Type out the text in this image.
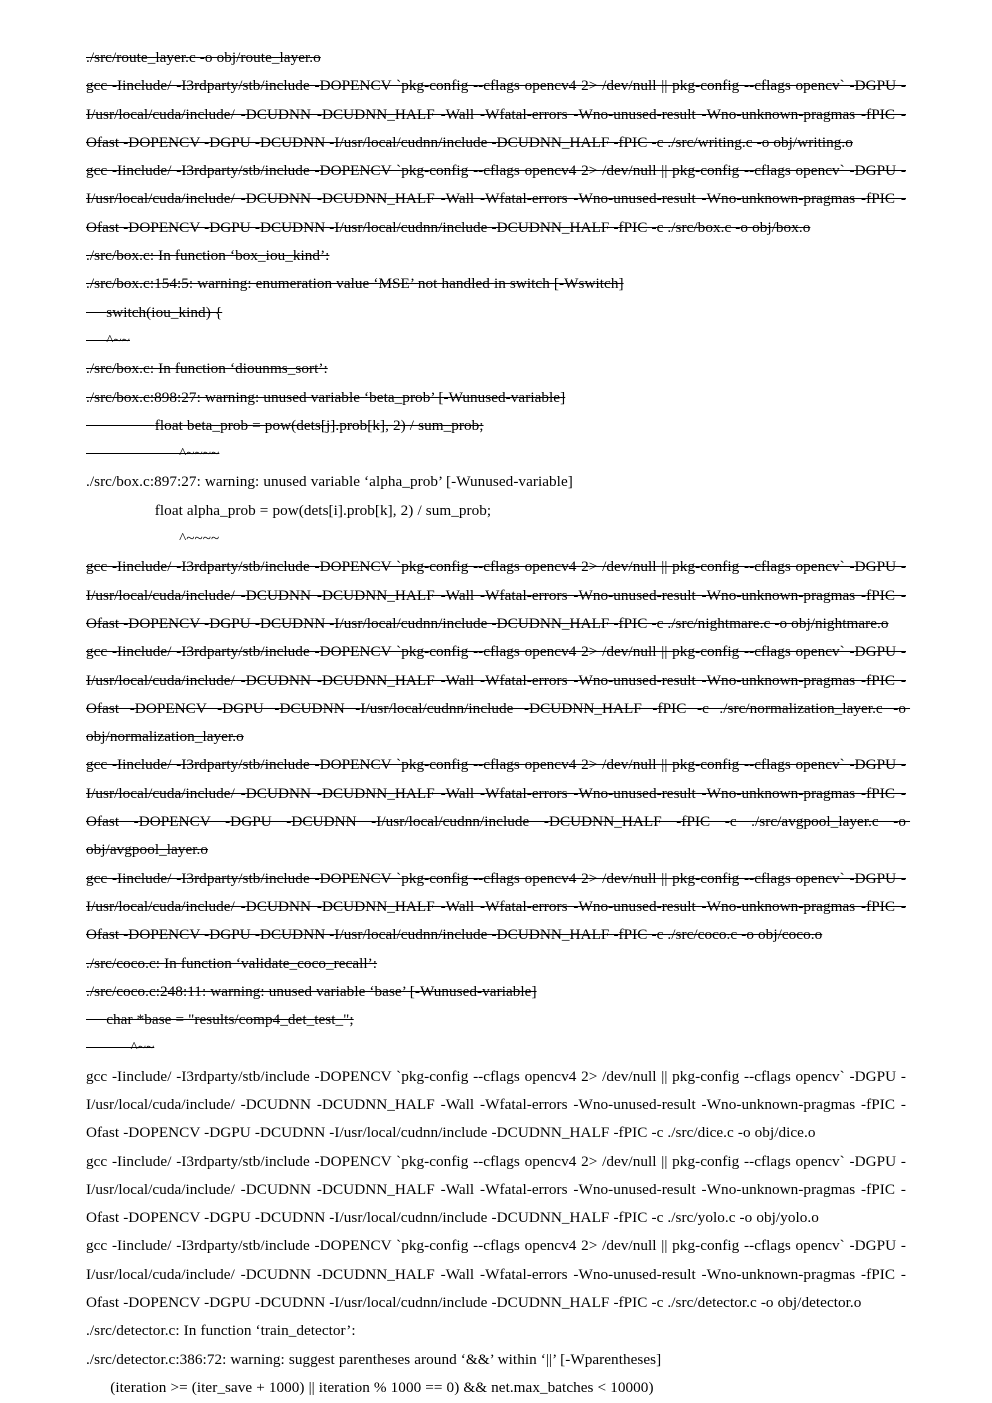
./src/route_layer.c -o obj/route_layer.o

gcc -Iinclude/ -I3rdparty/stb/include -DOPENCV `pkg-config --cflags opencv4 2> /dev/null || pkg-config --cflags opencv` -DGPU -I/usr/local/cuda/include/ -DCUDNN -DCUDNN_HALF -Wall -Wfatal-errors -Wno-unused-result -Wno-unknown-pragmas -fPIC -Ofast -DOPENCV -DGPU -DCUDNN -I/usr/local/cudnn/include -DCUDNN_HALF -fPIC -c ./src/writing.c -o obj/writing.o

gcc -Iinclude/ -I3rdparty/stb/include -DOPENCV `pkg-config --cflags opencv4 2> /dev/null || pkg-config --cflags opencv` -DGPU -I/usr/local/cuda/include/ -DCUDNN -DCUDNN_HALF -Wall -Wfatal-errors -Wno-unused-result -Wno-unknown-pragmas -fPIC -Ofast -DOPENCV -DGPU -DCUDNN -I/usr/local/cudnn/include -DCUDNN_HALF -fPIC -c ./src/box.c -o obj/box.o

./src/box.c: In function ‘box_iou_kind’:

./src/box.c:154:5: warning: enumeration value ‘MSE’ not handled in switch [-Wswitch]

switch(iou_kind) {

^~~

./src/box.c: In function ‘diounms_sort’:

./src/box.c:898:27: warning: unused variable ‘beta_prob’ [-Wunused-variable]

float beta_prob = pow(dets[j].prob[k], 2) / sum_prob;

^~~~~

./src/box.c:897:27: warning: unused variable ‘alpha_prob’ [-Wunused-variable]

float alpha_prob = pow(dets[i].prob[k], 2) / sum_prob;

^~~~~

gcc -Iinclude/ -I3rdparty/stb/include -DOPENCV `pkg-config --cflags opencv4 2> /dev/null || pkg-config --cflags opencv` -DGPU -I/usr/local/cuda/include/ -DCUDNN -DCUDNN_HALF -Wall -Wfatal-errors -Wno-unused-result -Wno-unknown-pragmas -fPIC -Ofast -DOPENCV -DGPU -DCUDNN -I/usr/local/cudnn/include -DCUDNN_HALF -fPIC -c ./src/nightmare.c -o obj/nightmare.o

gcc -Iinclude/ -I3rdparty/stb/include -DOPENCV `pkg-config --cflags opencv4 2> /dev/null || pkg-config --cflags opencv` -DGPU -I/usr/local/cuda/include/ -DCUDNN -DCUDNN_HALF -Wall -Wfatal-errors -Wno-unused-result -Wno-unknown-pragmas -fPIC -Ofast -DOPENCV -DGPU -DCUDNN -I/usr/local/cudnn/include -DCUDNN_HALF -fPIC -c ./src/normalization_layer.c -o obj/normalization_layer.o

gcc -Iinclude/ -I3rdparty/stb/include -DOPENCV `pkg-config --cflags opencv4 2> /dev/null || pkg-config --cflags opencv` -DGPU -I/usr/local/cuda/include/ -DCUDNN -DCUDNN_HALF -Wall -Wfatal-errors -Wno-unused-result -Wno-unknown-pragmas -fPIC -Ofast -DOPENCV -DGPU -DCUDNN -I/usr/local/cudnn/include -DCUDNN_HALF -fPIC -c ./src/avgpool_layer.c -o obj/avgpool_layer.o

gcc -Iinclude/ -I3rdparty/stb/include -DOPENCV `pkg-config --cflags opencv4 2> /dev/null || pkg-config --cflags opencv` -DGPU -I/usr/local/cuda/include/ -DCUDNN -DCUDNN_HALF -Wall -Wfatal-errors -Wno-unused-result -Wno-unknown-pragmas -fPIC -Ofast -DOPENCV -DGPU -DCUDNN -I/usr/local/cudnn/include -DCUDNN_HALF -fPIC -c ./src/coco.c -o obj/coco.o

./src/coco.c: In function ‘validate_coco_recall’:

./src/coco.c:248:11: warning: unused variable ‘base’ [-Wunused-variable]

char *base = "results/comp4_det_test_";

^~~

gcc -Iinclude/ -I3rdparty/stb/include -DOPENCV `pkg-config --cflags opencv4 2> /dev/null || pkg-config --cflags opencv` -DGPU -I/usr/local/cuda/include/ -DCUDNN -DCUDNN_HALF -Wall -Wfatal-errors -Wno-unused-result -Wno-unknown-pragmas -fPIC -Ofast -DOPENCV -DGPU -DCUDNN -I/usr/local/cudnn/include -DCUDNN_HALF -fPIC -c ./src/dice.c -o obj/dice.o

gcc -Iinclude/ -I3rdparty/stb/include -DOPENCV `pkg-config --cflags opencv4 2> /dev/null || pkg-config --cflags opencv` -DGPU -I/usr/local/cuda/include/ -DCUDNN -DCUDNN_HALF -Wall -Wfatal-errors -Wno-unused-result -Wno-unknown-pragmas -fPIC -Ofast -DOPENCV -DGPU -DCUDNN -I/usr/local/cudnn/include -DCUDNN_HALF -fPIC -c ./src/yolo.c -o obj/yolo.o

gcc -Iinclude/ -I3rdparty/stb/include -DOPENCV `pkg-config --cflags opencv4 2> /dev/null || pkg-config --cflags opencv` -DGPU -I/usr/local/cuda/include/ -DCUDNN -DCUDNN_HALF -Wall -Wfatal-errors -Wno-unused-result -Wno-unknown-pragmas -fPIC -Ofast -DOPENCV -DGPU -DCUDNN -I/usr/local/cudnn/include -DCUDNN_HALF -fPIC -c ./src/detector.c -o obj/detector.o

./src/detector.c: In function ‘train_detector’:

./src/detector.c:386:72: warning: suggest parentheses around ‘&&’ within ‘||’ [-Wparentheses]

(iteration >= (iter_save + 1000) || iteration % 1000 == 0) && net.max_batches < 10000)
